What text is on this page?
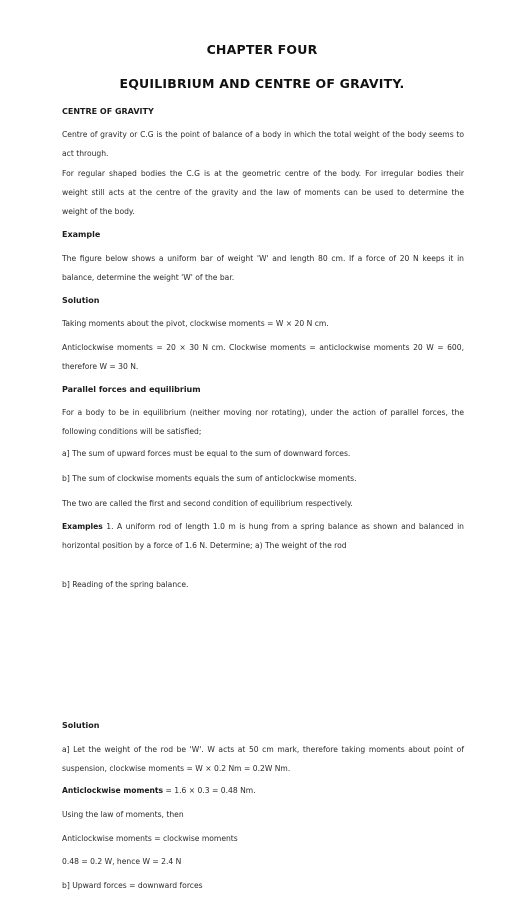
CHAPTER FOUR
EQUILIBRIUM AND CENTRE OF GRAVITY.
CENTRE OF GRAVITY
Centre of gravity or C.G is the point of balance of a body in which the total weight of the body seems to act through.
For regular shaped bodies the C.G is at the geometric centre of the body. For irregular bodies their weight still acts at the centre of the gravity and the law of moments can be used to determine the weight of the body.
Example
The figure below shows a uniform bar of weight 'W' and length 80 cm. If a force of 20 N keeps it in balance, determine the weight 'W' of the bar.
Solution
Taking moments about the pivot, clockwise moments = W × 20 N cm.
Anticlockwise moments = 20 × 30 N cm. Clockwise moments = anticlockwise moments 20 W = 600, therefore W = 30 N.
Parallel forces and equilibrium
For a body to be in equilibrium (neither moving nor rotating), under the action of parallel forces, the following conditions will be satisfied;
a] The sum of upward forces must be equal to the sum of downward forces.
b] The sum of clockwise moments equals the sum of anticlockwise moments.
The two are called the first and second condition of equilibrium respectively.
Examples 1. A uniform rod of length 1.0 m is hung from a spring balance as shown and balanced in horizontal position by a force of 1.6 N. Determine; a) The weight of the rod
b] Reading of the spring balance.
Solution
a] Let the weight of the rod be 'W'. W acts at 50 cm mark, therefore taking moments about point of suspension, clockwise moments = W × 0.2 Nm = 0.2W Nm.
Anticlockwise moments = 1.6 × 0.3 = 0.48 Nm.
Using the law of moments, then
Anticlockwise moments = clockwise moments
0.48 = 0.2 W, hence W = 2.4 N
b] Upward forces = downward forces
